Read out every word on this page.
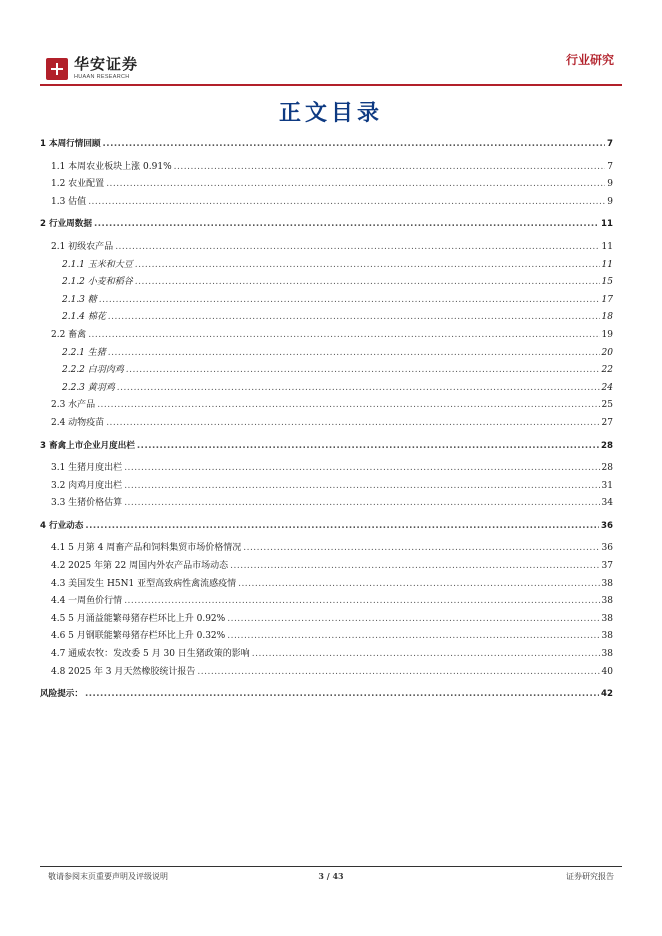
华安证券
HUAAN RESEARCH
行业研究
正文目录
1 本周行情回顾 .....	7
1.1 本周农业板块上涨 0.91% .....	7
1.2 农业配置 .....	9
1.3 估值 .....	9
2 行业周数据 .....	11
2.1 初级农产品 .....	11
2.1.1 玉米和大豆 .....	11
2.1.2 小麦和稻谷 .....	15
2.1.3 糖 .....	17
2.1.4 棉花 .....	18
2.2 畜禽 .....	19
2.2.1 生猪 .....	20
2.2.2 白羽肉鸡 .....	22
2.2.3 黄羽鸡 .....	24
2.3 水产品 .....	25
2.4 动物疫苗 .....	27
3 畜禽上市企业月度出栏 .....	28
3.1 生猪月度出栏 .....	28
3.2 肉鸡月度出栏 .....	31
3.3 生猪价格估算 .....	34
4 行业动态 .....	36
4.1 5 月第 4 周畜产品和饲料集贸市场价格情况 .....	36
4.2 2025 年第 22 周国内外农产品市场动态 .....	37
4.3 美国发生 H5N1 亚型高致病性禽流感疫情 .....	38
4.4 一周鱼价行情 .....	38
4.5 5 月涌益能繁母猪存栏环比上升 0.92% .....	38
4.6 5 月钢联能繁母猪存栏环比上升 0.32% .....	38
4.7 通威农牧：发改委 5 月 30 日生猪政策的影响 .....	38
4.8 2025 年 3 月天然橡胶统计报告 .....	40
风险提示： .....	42
敬请参阅末页重要声明及评级说明	3 / 43	证券研究报告
